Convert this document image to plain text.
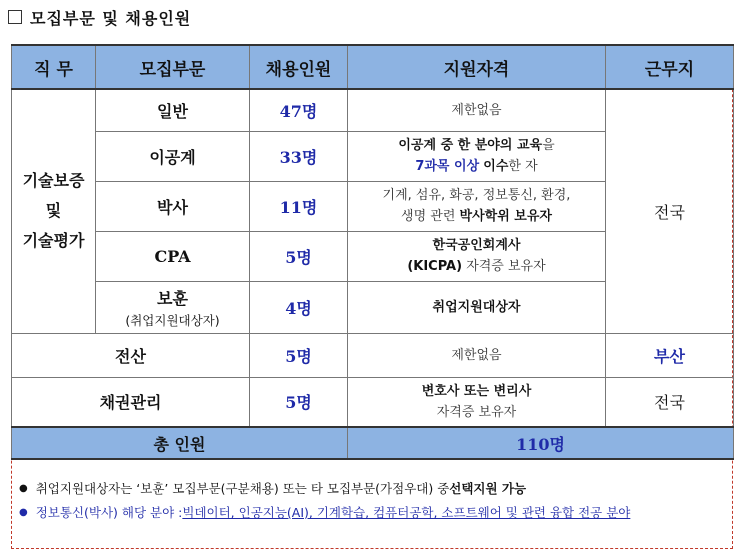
모집부문 및 채용인원
직 무	모집부문	채용인원	지원자격	근무지
기술보증
및
기술평가	일반	47명	제한없음	전국
	이공계	33명	이공계 중 한 분야의 교육을
7과목 이상 이수한 자	
	박사	11명	기계, 섬유, 화공, 정보통신, 환경,
생명 관련 박사학위 보유자	
	CPA	5명	한국공인회계사
(KICPA) 자격증 보유자	
	보훈
(취업지원대상자)	4명	취업지원대상자	
전산		5명	제한없음	부산
채권관리		5명	변호사 또는 변리사
자격증 보유자	전국
총 인원			110명	
● 취업지원대상자는 ‘보훈’ 모집부문(구분채용) 또는 타 모집부문(가점우대) 중 선택지원 가능
● 정보통신(박사) 해당 분야 : 빅데이터, 인공지능(AI), 기계학습, 컴퓨터공학, 소프트웨어 및 관련 융합 전공 분야
